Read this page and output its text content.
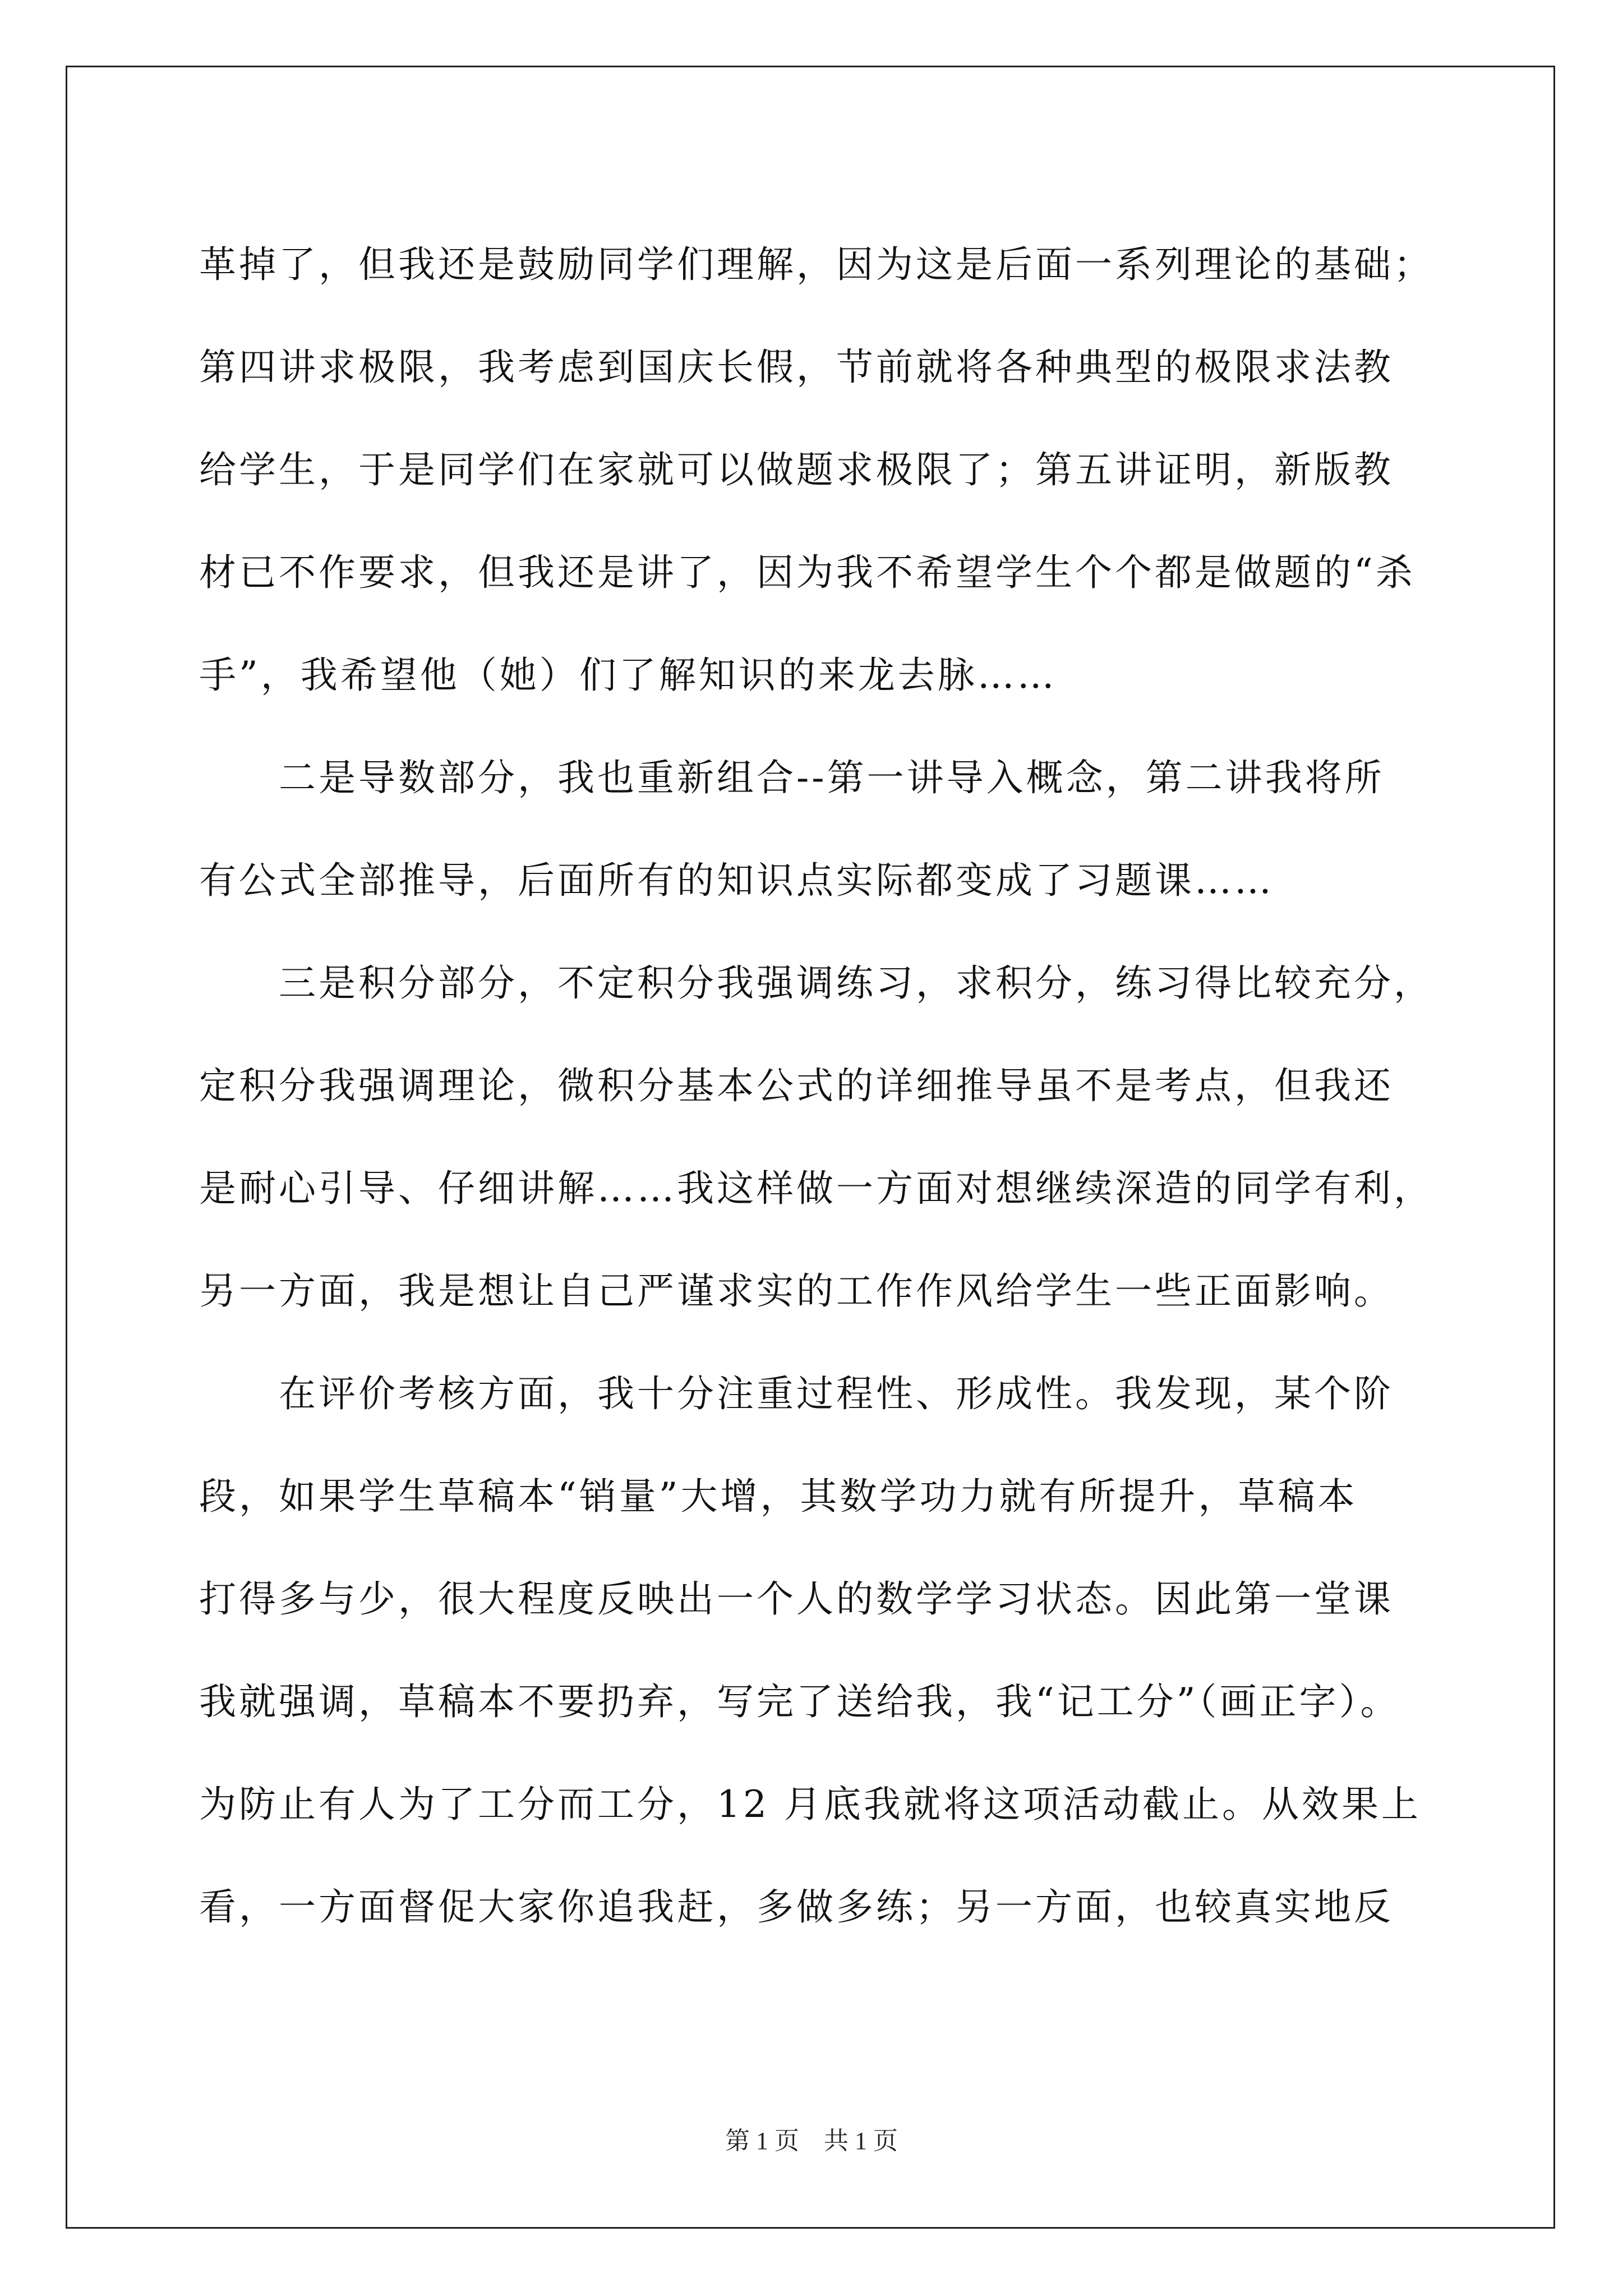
革掉了，但我还是鼓励同学们理解，因为这是后面一系列理论的基础；
第四讲求极限，我考虑到国庆长假，节前就将各种典型的极限求法教
给学生，于是同学们在家就可以做题求极限了；第五讲证明，新版教
材已不作要求，但我还是讲了，因为我不希望学生个个都是做题的“杀
手”，我希望他（她）们了解知识的来龙去脉……
二是导数部分，我也重新组合--第一讲导入概念，第二讲我将所
有公式全部推导，后面所有的知识点实际都变成了习题课……
三是积分部分，不定积分我强调练习，求积分，练习得比较充分，
定积分我强调理论，微积分基本公式的详细推导虽不是考点，但我还
是耐心引导、仔细讲解……我这样做一方面对想继续深造的同学有利，
另一方面，我是想让自己严谨求实的工作作风给学生一些正面影响。
在评价考核方面，我十分注重过程性、形成性。我发现，某个阶
段，如果学生草稿本“销量”大增，其数学功力就有所提升，草稿本
打得多与少，很大程度反映出一个人的数学学习状态。因此第一堂课
我就强调，草稿本不要扔弃，写完了送给我，我“记工分”（画正字）。
为防止有人为了工分而工分，12 月底我就将这项活动截止。从效果上
看，一方面督促大家你追我赶，多做多练；另一方面，也较真实地反
第 1 页　共 1 页
